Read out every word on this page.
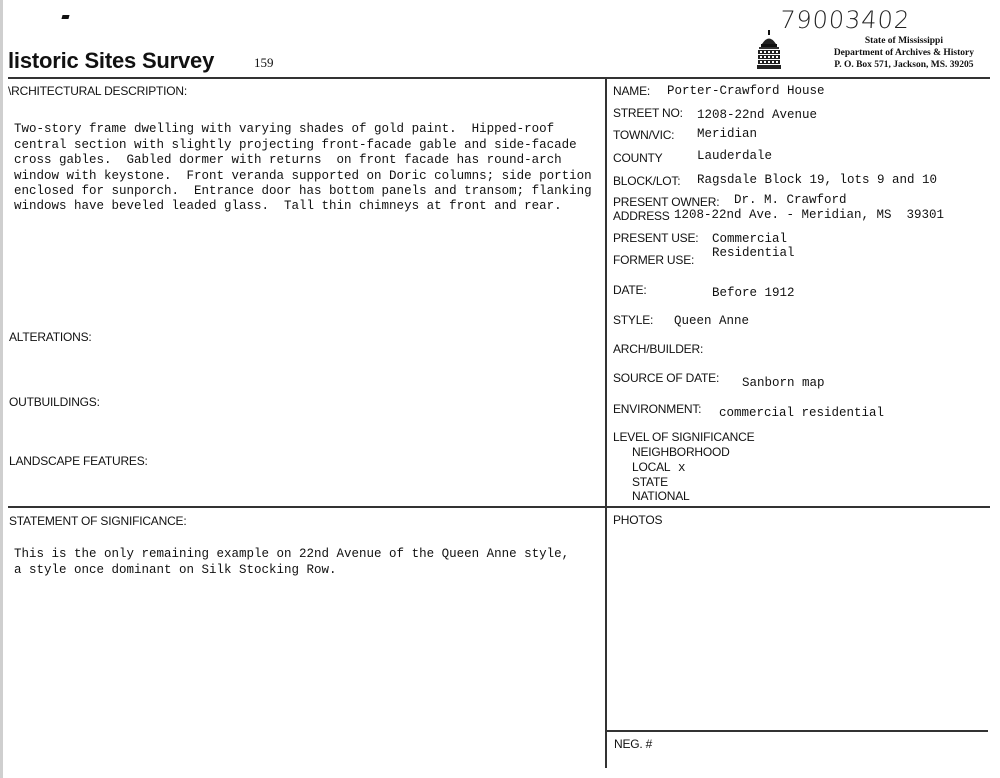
listoric Sites Survey	159
79003402
State of Mississippi
Department of Archives & History
P. O. Box 571, Jackson, MS. 39205
\RCHITECTURAL DESCRIPTION:

Two-story frame dwelling with varying shades of gold paint.  Hipped-roof
central section with slightly projecting front-facade gable and side-facade
cross gables.  Gabled dormer with returns  on front facade has round-arch
window with keystone.  Front veranda supported on Doric columns; side portion
enclosed for sunporch.  Entrance door has bottom panels and transom; flanking
windows have beveled leaded glass.  Tall thin chimneys at front and rear.

ALTERATIONS:
OUTBUILDINGS:
LANDSCAPE FEATURES:
STATEMENT OF SIGNIFICANCE:

This is the only remaining example on 22nd Avenue of the Queen Anne style,
a style once dominant on Silk Stocking Row.

NAME: Porter-Crawford House
STREET NO: 1208-22nd Avenue
TOWN/VIC: Meridian
COUNTY	Lauderdale
BLOCK/LOT: Ragsdale Block 19, lots 9 and 10
PRESENT OWNER: Dr. M. Crawford
ADDRESS 1208-22nd Ave. - Meridian, MS  39301
PRESENT USE: Commercial
FORMER USE: Residential
DATE:	Before 1912
STYLE: Queen Anne
ARCH/BUILDER:
SOURCE OF DATE: Sanborn map
ENVIRONMENT: commercial residential
LEVEL OF SIGNIFICANCE
NEIGHBORHOOD
LOCAL x
STATE
NATIONAL
PHOTOS
NEG. #
